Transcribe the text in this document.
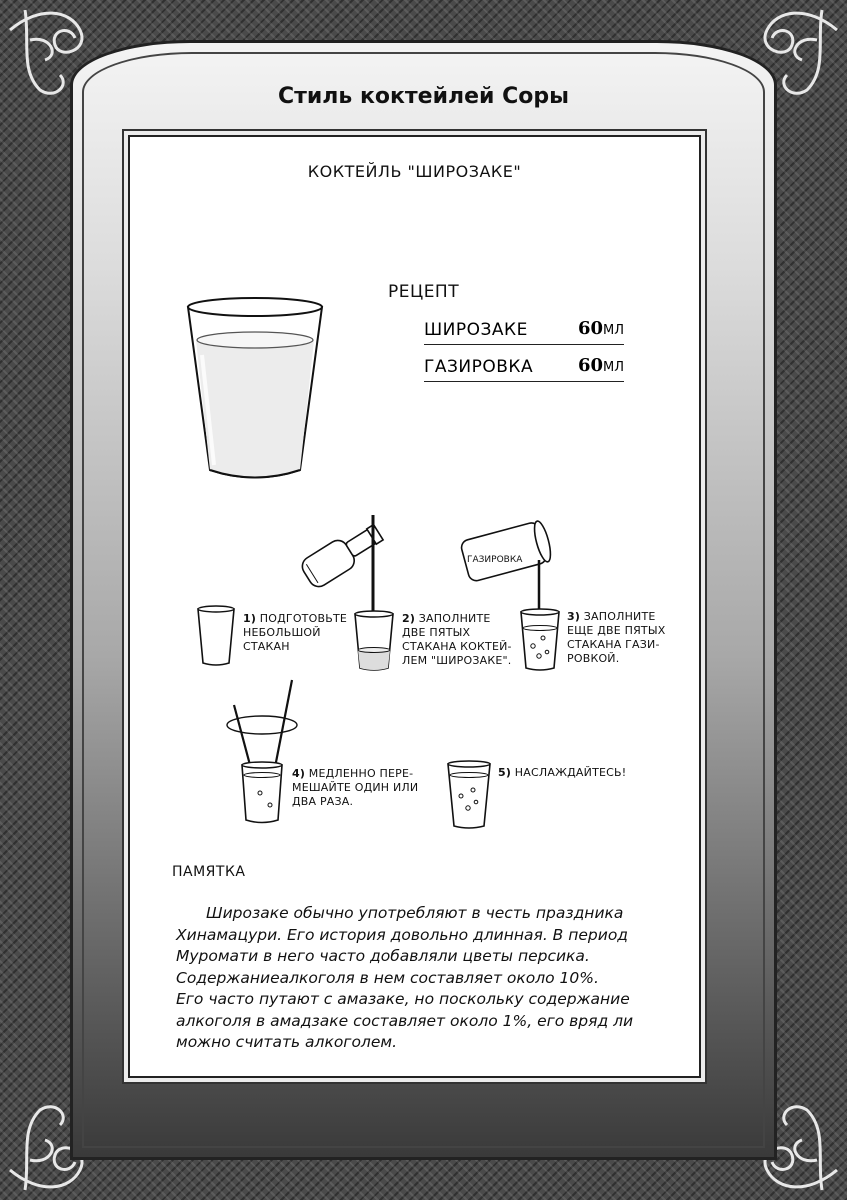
Стиль коктейлей Соры
КОКТЕЙЛЬ "ШИРОЗАКЕ"
РЕЦЕПТ
ШИРОЗАКЕ	60МЛ
ГАЗИРОВКА 60МЛ
ГАЗИРОВКА
1) ПОДГОТОВЬТЕ
НЕБОЛЬШОЙ
СТАКАН
2) ЗАПОЛНИТЕ
ДВЕ ПЯТЫХ
СТАКАНА КОКТЕЙ-
ЛЕМ "ШИРОЗАКЕ".
3) ЗАПОЛНИТЕ
ЕЩЕ ДВЕ ПЯТЫХ
СТАКАНА ГАЗИ-
РОВКОЙ.
4) МЕДЛЕННО ПЕРЕ-
МЕШАЙТЕ ОДИН ИЛИ
ДВА РАЗА.
5) НАСЛАЖДАЙТЕСЬ!
ПАМЯТКА

Широзаке обычно употребляют в честь праздника

Хинамацури. Его история довольно длинная. В период

Муромати в него часто добавляли цветы персика.

Содержаниеалкоголя в нем составляет около 10%.

Его часто путают с амазаке, но поскольку содержание

алкоголя в амадзаке составляет около 1%, его вряд ли

можно считать алкоголем.
